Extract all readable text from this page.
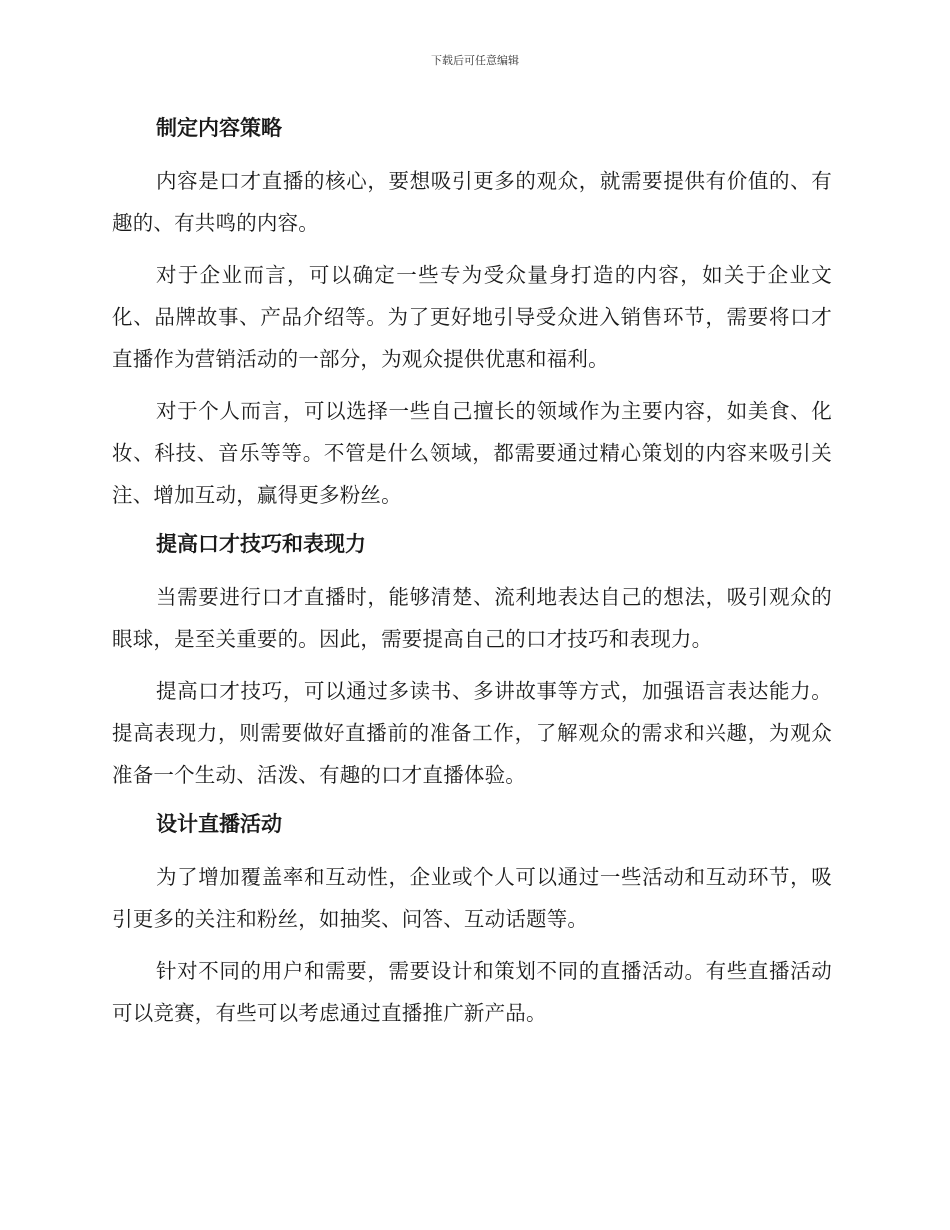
下载后可任意编辑
制定内容策略

内容是口才直播的核心，要想吸引更多的观众，就需要提供有价值的、有趣的、有共鸣的内容。

对于企业而言，可以确定一些专为受众量身打造的内容，如关于企业文化、品牌故事、产品介绍等。为了更好地引导受众进入销售环节，需要将口才直播作为营销活动的一部分，为观众提供优惠和福利。

对于个人而言，可以选择一些自己擅长的领域作为主要内容，如美食、化妆、科技、音乐等等。不管是什么领域，都需要通过精心策划的内容来吸引关注、增加互动，赢得更多粉丝。

提高口才技巧和表现力

当需要进行口才直播时，能够清楚、流利地表达自己的想法，吸引观众的眼球，是至关重要的。因此，需要提高自己的口才技巧和表现力。

提高口才技巧，可以通过多读书、多讲故事等方式，加强语言表达能力。提高表现力，则需要做好直播前的准备工作，了解观众的需求和兴趣，为观众准备一个生动、活泼、有趣的口才直播体验。

设计直播活动

为了增加覆盖率和互动性，企业或个人可以通过一些活动和互动环节，吸引更多的关注和粉丝，如抽奖、问答、互动话题等。

针对不同的用户和需要，需要设计和策划不同的直播活动。有些直播活动可以竞赛，有些可以考虑通过直播推广新产品。
